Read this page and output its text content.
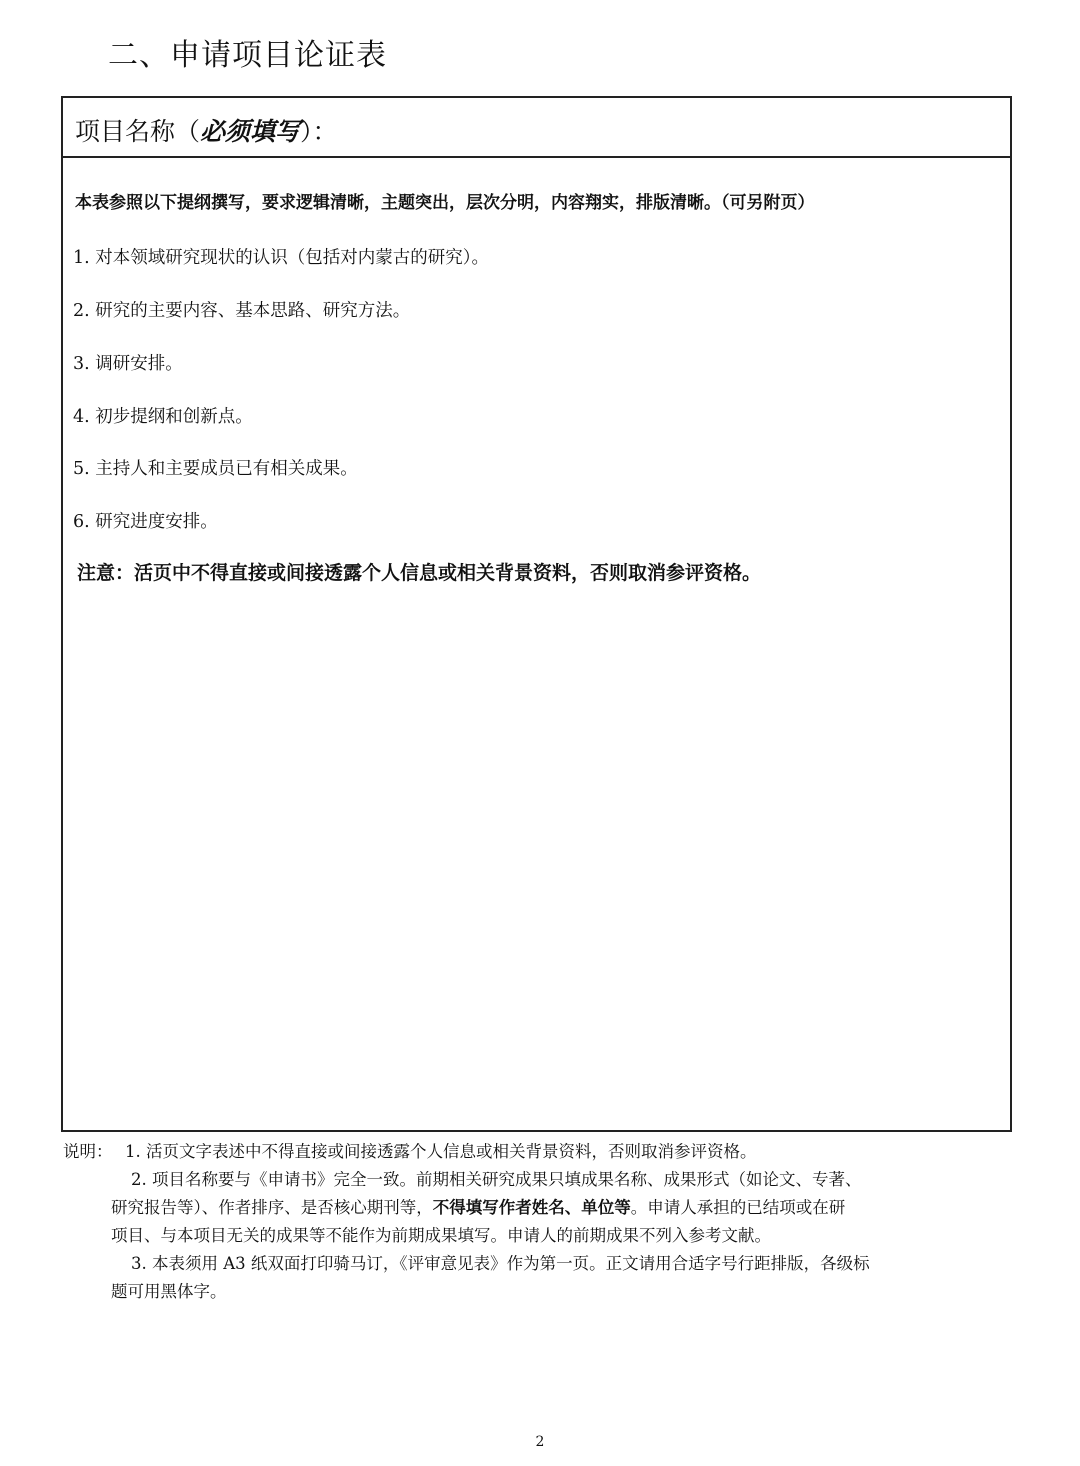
二、申请项目论证表
项目名称（必须填写）：
本表参照以下提纲撰写，要求逻辑清晰，主题突出，层次分明，内容翔实，排版清晰。（可另附页）
1. 对本领域研究现状的认识（包括对内蒙古的研究）。
2. 研究的主要内容、基本思路、研究方法。
3. 调研安排。
4. 初步提纲和创新点。
5. 主持人和主要成员已有相关成果。
6. 研究进度安排。
注意：活页中不得直接或间接透露个人信息或相关背景资料，否则取消参评资格。
说明： 1. 活页文字表述中不得直接或间接透露个人信息或相关背景资料，否则取消参评资格。
2. 项目名称要与《申请书》完全一致。前期相关研究成果只填成果名称、成果形式（如论文、专著、
研究报告等）、作者排序、是否核心期刊等，不得填写作者姓名、单位等。申请人承担的已结项或在研
项目、与本项目无关的成果等不能作为前期成果填写。申请人的前期成果不列入参考文献。
3. 本表须用 A3 纸双面打印骑马订，《评审意见表》作为第一页。正文请用合适字号行距排版，各级标
题可用黑体字。
2
